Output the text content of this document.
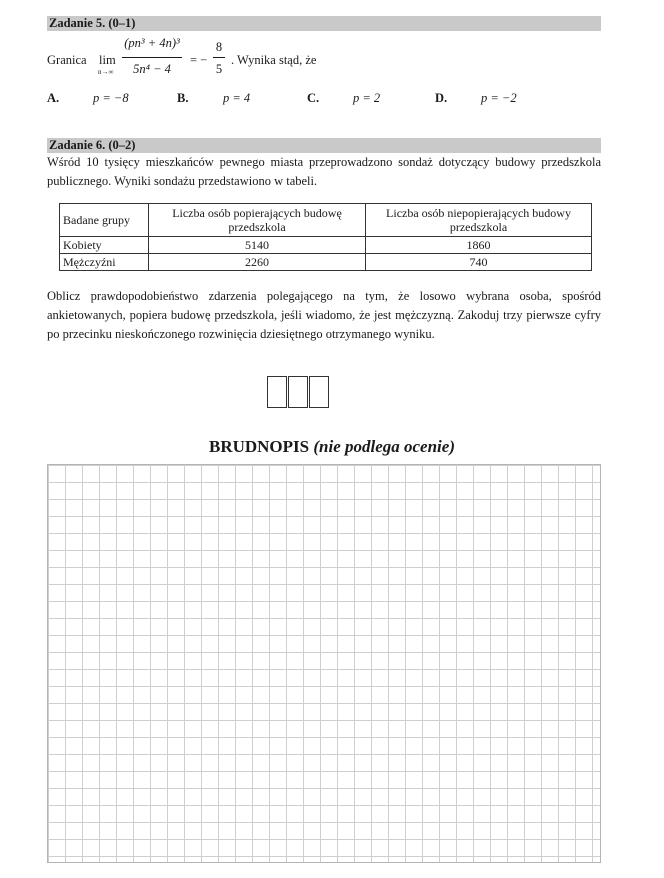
Zadanie 5. (0–1)
Granica lim
n→∞
(pn³ + 4n)³
5n⁴ − 4
= −
8
5
. Wynika stąd, że
A.	p = −8	B.	p = 4	C.	p = 2	D.	p = −2
Zadanie 6. (0–2)
Wśród 10 tysięcy mieszkańców pewnego miasta przeprowadzono sondaż dotyczący budowy przedszkola publicznego. Wyniki sondażu przedstawiono w tabeli.
Badane grupy	Liczba osób popierających budowę przedszkola	Liczba osób niepopierających budowy przedszkola
Kobiety	5140	1860
Mężczyźni	2260	740
Oblicz prawdopodobieństwo zdarzenia polegającego na tym, że losowo wybrana osoba, spośród ankietowanych, popiera budowę przedszkola, jeśli wiadomo, że jest mężczyzną. Zakoduj trzy pierwsze cyfry po przecinku nieskończonego rozwinięcia dziesiętnego otrzymanego wyniku.
BRUDNOPIS (nie podlega ocenie)
